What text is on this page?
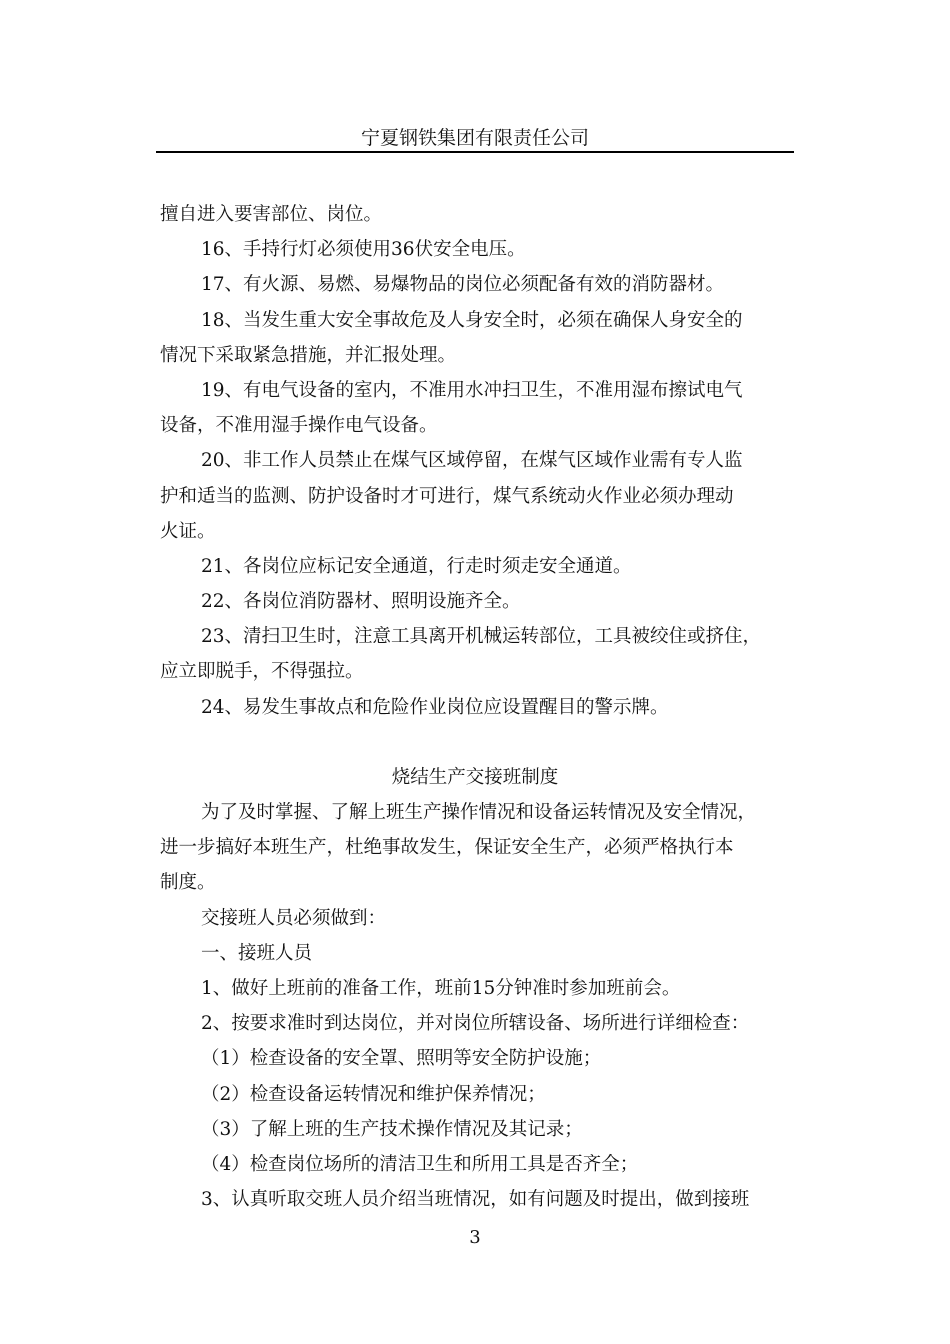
宁夏钢铁集团有限责任公司
擅自进入要害部位、岗位。
16、手持行灯必须使用36伏安全电压。
17、有火源、易燃、易爆物品的岗位必须配备有效的消防器材。
18、当发生重大安全事故危及人身安全时，必须在确保人身安全的
情况下采取紧急措施，并汇报处理。
19、有电气设备的室内，不准用水冲扫卫生，不准用湿布擦试电气
设备，不准用湿手操作电气设备。
20、非工作人员禁止在煤气区域停留，在煤气区域作业需有专人监
护和适当的监测、防护设备时才可进行，煤气系统动火作业必须办理动
火证。
21、各岗位应标记安全通道，行走时须走安全通道。
22、各岗位消防器材、照明设施齐全。
23、清扫卫生时，注意工具离开机械运转部位，工具被绞住或挤住，
应立即脱手，不得强拉。
24、易发生事故点和危险作业岗位应设置醒目的警示牌。
烧结生产交接班制度
为了及时掌握、了解上班生产操作情况和设备运转情况及安全情况，
进一步搞好本班生产，杜绝事故发生，保证安全生产，必须严格执行本
制度。
交接班人员必须做到：
一、接班人员
1、做好上班前的准备工作，班前15分钟准时参加班前会。
2、按要求准时到达岗位，并对岗位所辖设备、场所进行详细检查：
（1）检查设备的安全罩、照明等安全防护设施；
（2）检查设备运转情况和维护保养情况；
（3）了解上班的生产技术操作情况及其记录；
（4）检查岗位场所的清洁卫生和所用工具是否齐全；
3、认真听取交班人员介绍当班情况，如有问题及时提出，做到接班
3
